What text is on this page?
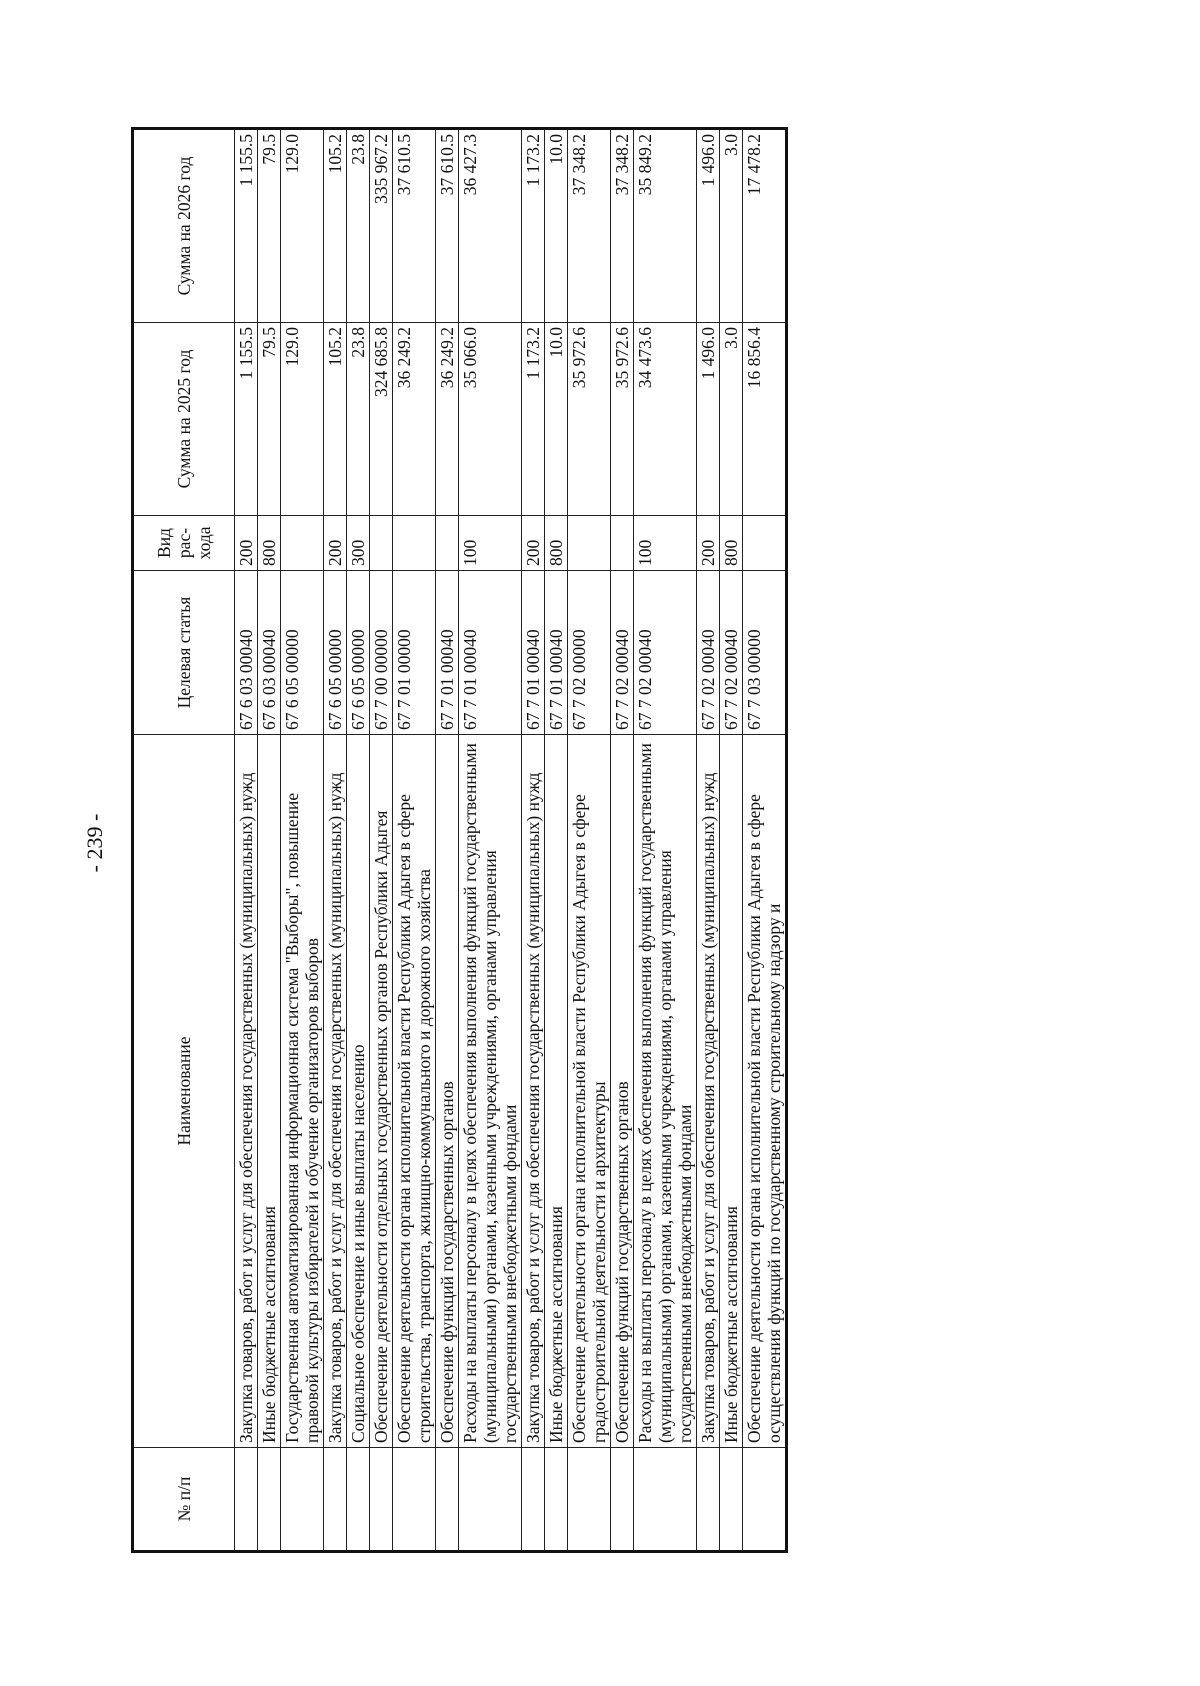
- 239 -
№ п/п	Наименование	Целевая статья	Вид рас- хода	Сумма на 2025 год	Сумма на 2026 год
	Закупка товаров, работ и услуг для обеспечения государственных (муниципальных) нужд	67 6 03 00040	200	1 155.5	1 155.5
	Иные бюджетные ассигнования	67 6 03 00040	800	79.5	79.5
	Государственная автоматизированная информационная система "Выборы", повышение правовой культуры избирателей и обучение организаторов выборов	67 6 05 00000		129.0	129.0
	Закупка товаров, работ и услуг для обеспечения государственных (муниципальных) нужд	67 6 05 00000	200	105.2	105.2
	Социальное обеспечение и иные выплаты населению	67 6 05 00000	300	23.8	23.8
	Обеспечение деятельности отдельных государственных органов Республики Адыгея	67 7 00 00000		324 685.8	335 967.2
	Обеспечение деятельности органа исполнительной власти Республики Адыгея в сфере строительства, транспорта, жилищно-коммунального и дорожного хозяйства	67 7 01 00000		36 249.2	37 610.5
	Обеспечение функций государственных органов	67 7 01 00040		36 249.2	37 610.5
	Расходы на выплаты персоналу в целях обеспечения выполнения функций государственными (муниципальными) органами, казенными учреждениями, органами управления государственными внебюджетными фондами	67 7 01 00040	100	35 066.0	36 427.3
	Закупка товаров, работ и услуг для обеспечения государственных (муниципальных) нужд	67 7 01 00040	200	1 173.2	1 173.2
	Иные бюджетные ассигнования	67 7 01 00040	800	10.0	10.0
	Обеспечение деятельности органа исполнительной власти Республики Адыгея в сфере градостроительной деятельности и архитектуры	67 7 02 00000		35 972.6	37 348.2
	Обеспечение функций государственных органов	67 7 02 00040		35 972.6	37 348.2
	Расходы на выплаты персоналу в целях обеспечения выполнения функций государственными (муниципальными) органами, казенными учреждениями, органами управления государственными внебюджетными фондами	67 7 02 00040	100	34 473.6	35 849.2
	Закупка товаров, работ и услуг для обеспечения государственных (муниципальных) нужд	67 7 02 00040	200	1 496.0	1 496.0
	Иные бюджетные ассигнования	67 7 02 00040	800	3.0	3.0
	Обеспечение деятельности органа исполнительной власти Республики Адыгея в сфере осуществления функций по государственному строительному надзору и	67 7 03 00000		16 856.4	17 478.2
